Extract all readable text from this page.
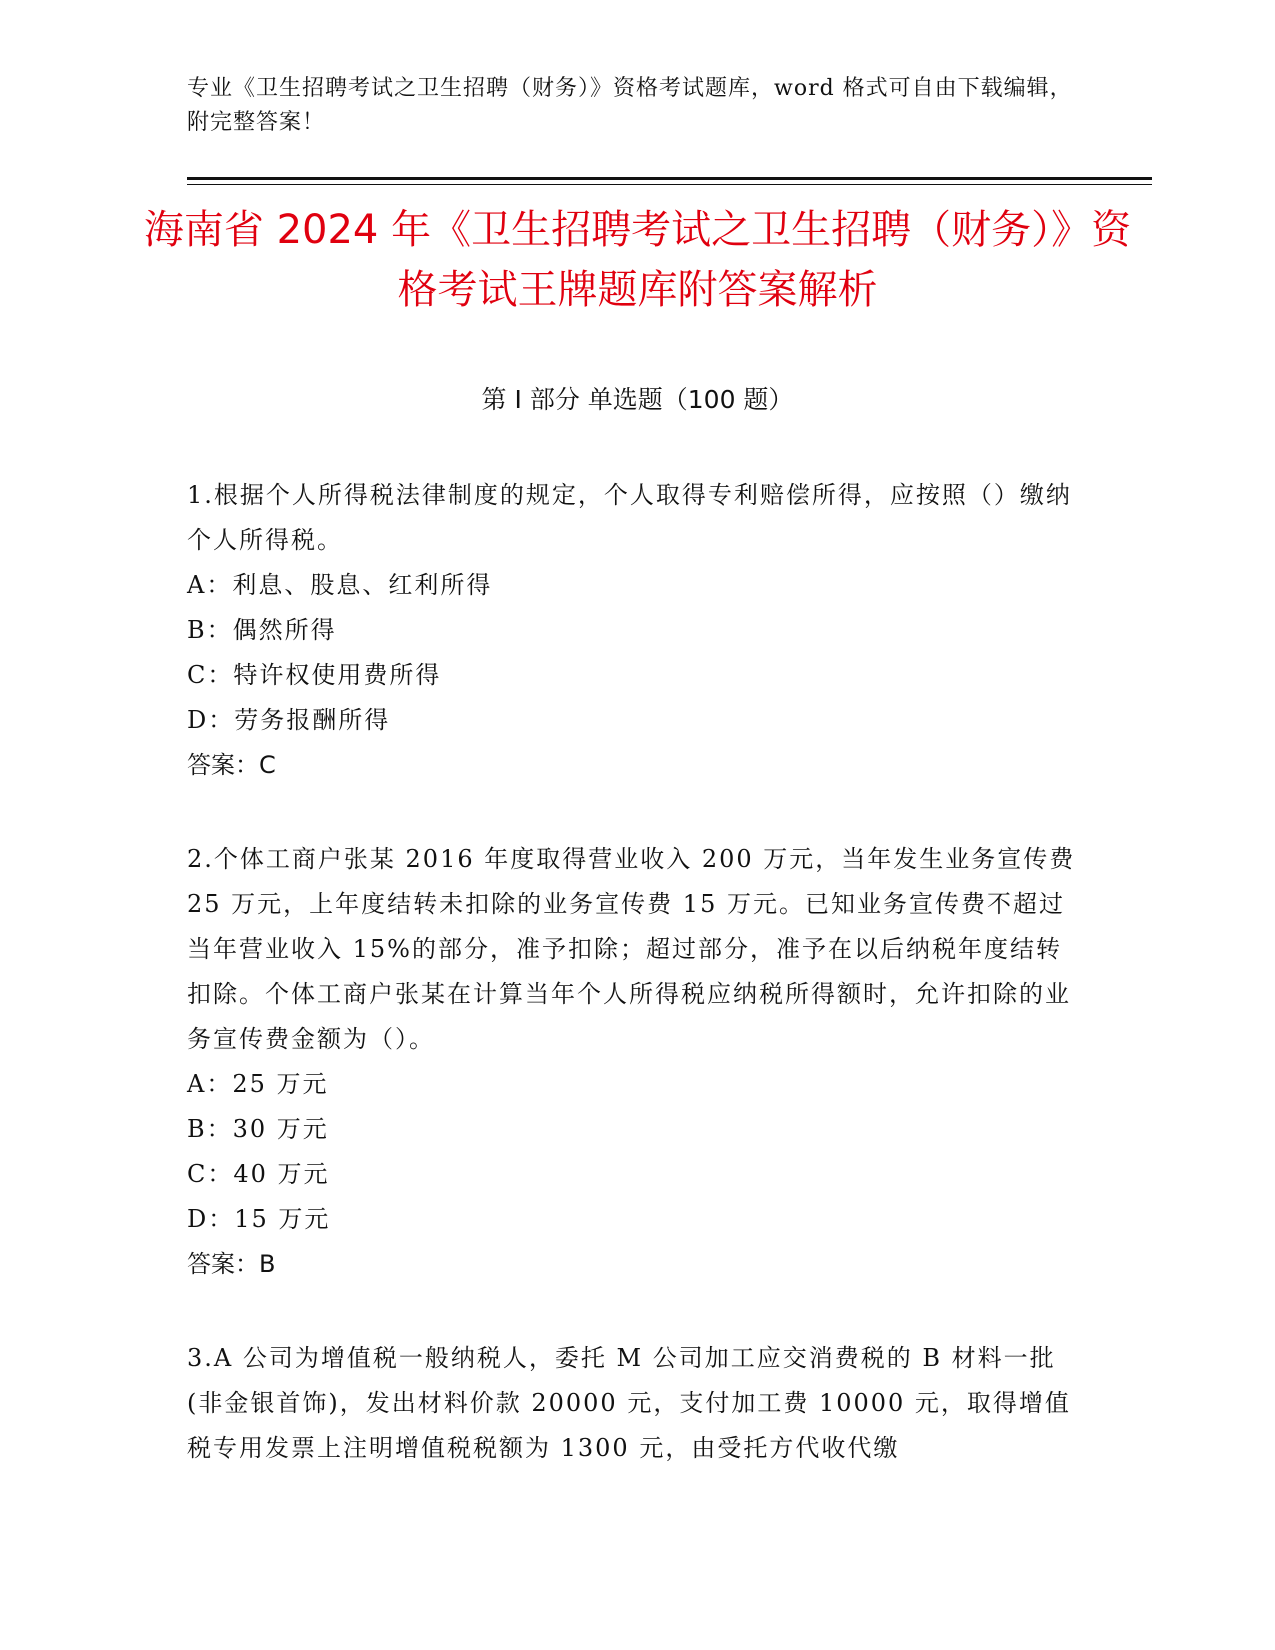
专业《卫生招聘考试之卫生招聘（财务）》资格考试题库，word 格式可自由下载编辑，附完整答案！
海南省 2024 年《卫生招聘考试之卫生招聘（财务）》资格考试王牌题库附答案解析
第 I 部分 单选题（100 题）

1.根据个人所得税法律制度的规定，个人取得专利赔偿所得，应按照（）缴纳个人所得税。

A：利息、股息、红利所得

B：偶然所得

C：特许权使用费所得

D：劳务报酬所得

答案：C

2.个体工商户张某 2016 年度取得营业收入 200 万元，当年发生业务宣传费 25 万元，上年度结转未扣除的业务宣传费 15 万元。已知业务宣传费不超过当年营业收入 15%的部分，准予扣除；超过部分，准予在以后纳税年度结转扣除。个体工商户张某在计算当年个人所得税应纳税所得额时，允许扣除的业务宣传费金额为（）。

A：25 万元

B：30 万元

C：40 万元

D：15 万元

答案：B

3.A 公司为增值税一般纳税人，委托 M 公司加工应交消费税的 B 材料一批(非金银首饰)，发出材料价款 20000 元，支付加工费 10000 元，取得增值税专用发票上注明增值税税额为 1300 元，由受托方代收代缴
